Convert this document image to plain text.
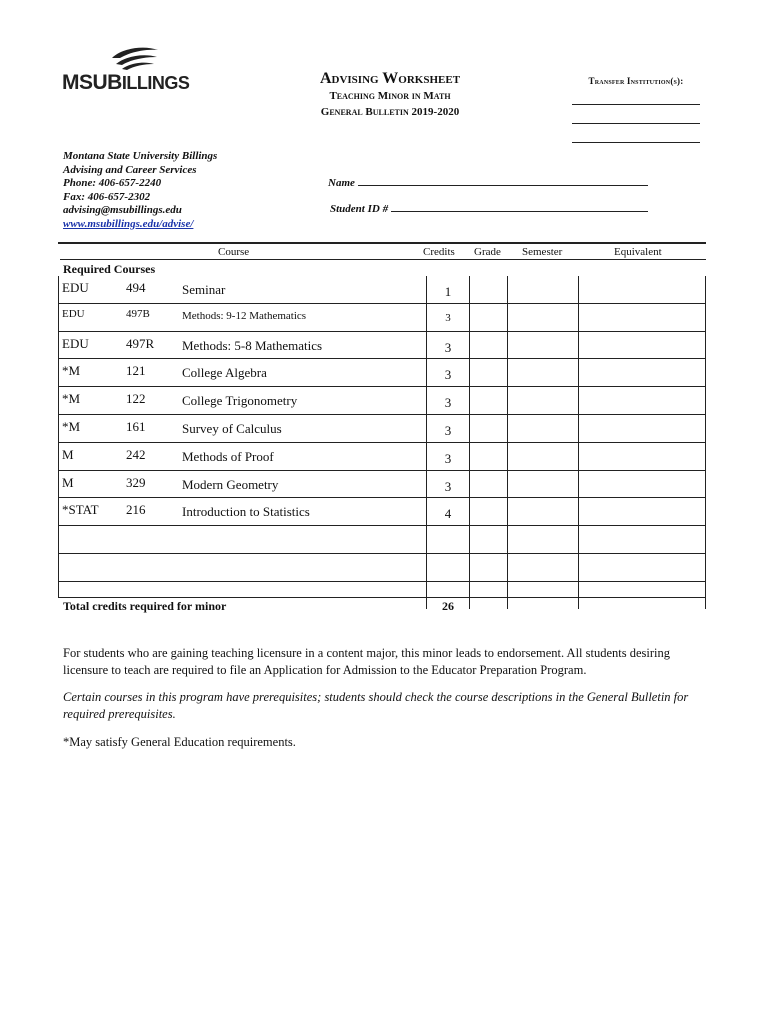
MSUBILLINGS	Advising Worksheet
Teaching Minor in Math
General Bulletin 2019-2020
Transfer Institution(s):
Montana State University Billings
Advising and Career Services
Phone: 406-657-2240
Fax: 406-657-2302
advising@msubillings.edu
www.msubillings.edu/advise/
Name
Student ID #
Course	Credits Grade Semester	Equivalent
Required Courses
EDU	494	Seminar	1
EDU	497B	Methods: 9-12 Mathematics	3
EDU	497R Methods: 5-8 Mathematics	3
*M	121	College Algebra	3
*M	122	College Trigonometry	3
*M	161	Survey of Calculus	3
M	242	Methods of Proof	3
M	329	Modern Geometry	3
*STAT 216	Introduction to Statistics	4
Total credits required for minor	26
For students who are gaining teaching licensure in a content major, this minor leads to endorsement. All students desiring licensure to teach are required to file an Application for Admission to the Educator Preparation Program.
Certain courses in this program have prerequisites; students should check the course descriptions in the General Bulletin for required prerequisites.
*May satisfy General Education requirements.
